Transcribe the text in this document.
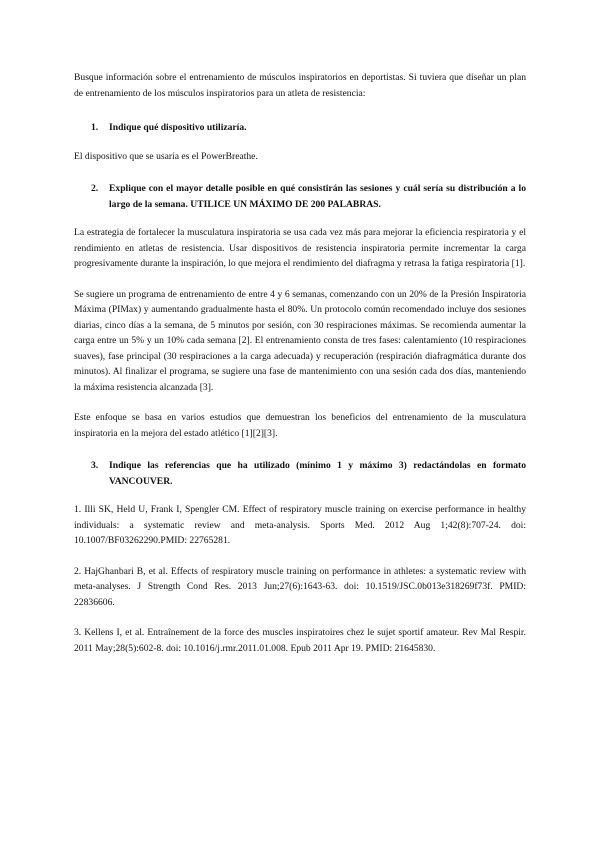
Busque información sobre el entrenamiento de músculos inspiratorios en deportistas. Si tuviera que diseñar un plan de entrenamiento de los músculos inspiratorios para un atleta de resistencia:

1.	Indique qué dispositivo utilizaría.

El dispositivo que se usaría es el PowerBreathe.

2.	Explique con el mayor detalle posible en qué consistirán las sesiones y cuál sería su distribución a lo largo de la semana. UTILICE UN MÁXIMO DE 200 PALABRAS.

La estrategia de fortalecer la musculatura inspiratoria se usa cada vez más para mejorar la eficiencia respiratoria y el rendimiento en atletas de resistencia. Usar dispositivos de resistencia inspiratoria permite incrementar la carga progresivamente durante la inspiración, lo que mejora el rendimiento del diafragma y retrasa la fatiga respiratoria [1].

Se sugiere un programa de entrenamiento de entre 4 y 6 semanas, comenzando con un 20% de la Presión Inspiratoria Máxima (PIMax) y aumentando gradualmente hasta el 80%. Un protocolo común recomendado incluye dos sesiones diarias, cinco días a la semana, de 5 minutos por sesión, con 30 respiraciones máximas. Se recomienda aumentar la carga entre un 5% y un 10% cada semana [2]. El entrenamiento consta de tres fases: calentamiento (10 respiraciones suaves), fase principal (30 respiraciones a la carga adecuada) y recuperación (respiración diafragmática durante dos minutos). Al finalizar el programa, se sugiere una fase de mantenimiento con una sesión cada dos días, manteniendo la máxima resistencia alcanzada [3].

Este enfoque se basa en varios estudios que demuestran los beneficios del entrenamiento de la musculatura inspiratoria en la mejora del estado atlético [1][2][3].

3.	Indique las referencias que ha utilizado (mínimo 1 y máximo 3) redactándolas en formato VANCOUVER.

1. Illi SK, Held U, Frank I, Spengler CM. Effect of respiratory muscle training on exercise performance in healthy individuals: a systematic review and meta-analysis. Sports Med. 2012 Aug 1;42(8):707-24. doi: 10.1007/BF03262290.PMID: 22765281.

2. HajGhanbari B, et al. Effects of respiratory muscle training on performance in athletes: a systematic review with meta-analyses. J Strength Cond Res. 2013 Jun;27(6):1643-63. doi: 10.1519/JSC.0b013e318269f73f. PMID: 22836606.

3. Kellens I, et al. Entraînement de la force des muscles inspiratoires chez le sujet sportif amateur. Rev Mal Respir. 2011 May;28(5):602-8. doi: 10.1016/j.rmr.2011.01.008. Epub 2011 Apr 19. PMID: 21645830.
